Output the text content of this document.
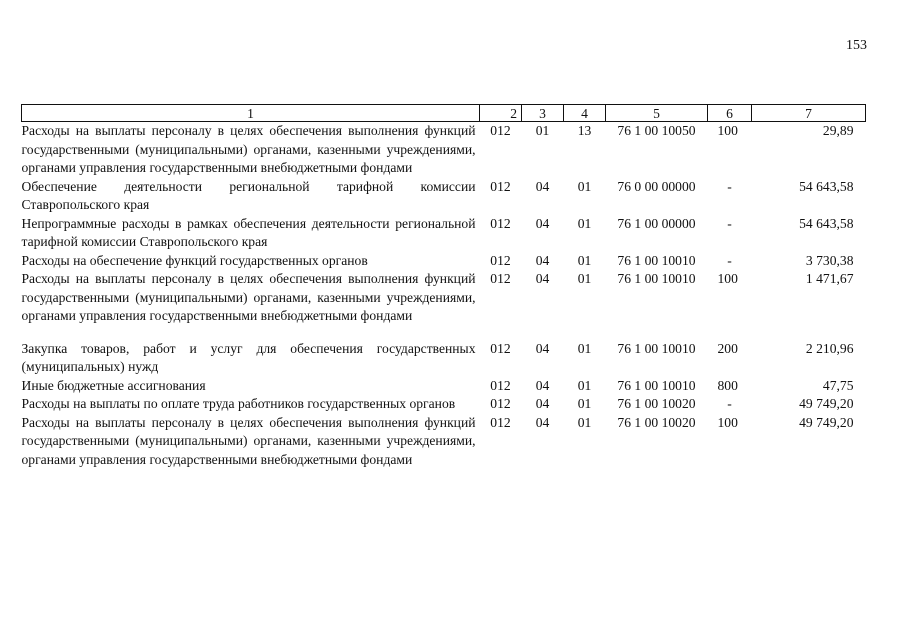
153
1	2	3	4	5	6	7
Расходы на выплаты персоналу в целях обеспечения выполнения функций государственными (муниципальными) органами, казенными учреждениями, органами управления государственными внебюджетными фондами	012	01	13	76 1 00 10050	100	29,89
Обеспечение деятельности региональной тарифной комиссии Ставропольского края	012	04	01	76 0 00 00000	-	54 643,58
Непрограммные расходы в рамках обеспечения деятельности региональной тарифной комиссии Ставропольского края	012	04	01	76 1 00 00000	-	54 643,58
Расходы на обеспечение функций государственных органов	012	04	01	76 1 00 10010	-	3 730,38
Расходы на выплаты персоналу в целях обеспечения выполнения функций государственными (муниципальными) органами, казенными учреждениями, органами управления государственными внебюджетными фондами	012	04	01	76 1 00 10010	100	1 471,67
Закупка товаров, работ и услуг для обеспечения государственных (муниципальных) нужд	012	04	01	76 1 00 10010	200	2 210,96
Иные бюджетные ассигнования	012	04	01	76 1 00 10010	800	47,75
Расходы на выплаты по оплате труда работников государственных органов	012	04	01	76 1 00 10020	-	49 749,20
Расходы на выплаты персоналу в целях обеспечения выполнения функций государственными (муниципальными) органами, казенными учреждениями, органами управления государственными внебюджетными фондами	012	04	01	76 1 00 10020	100	49 749,20
